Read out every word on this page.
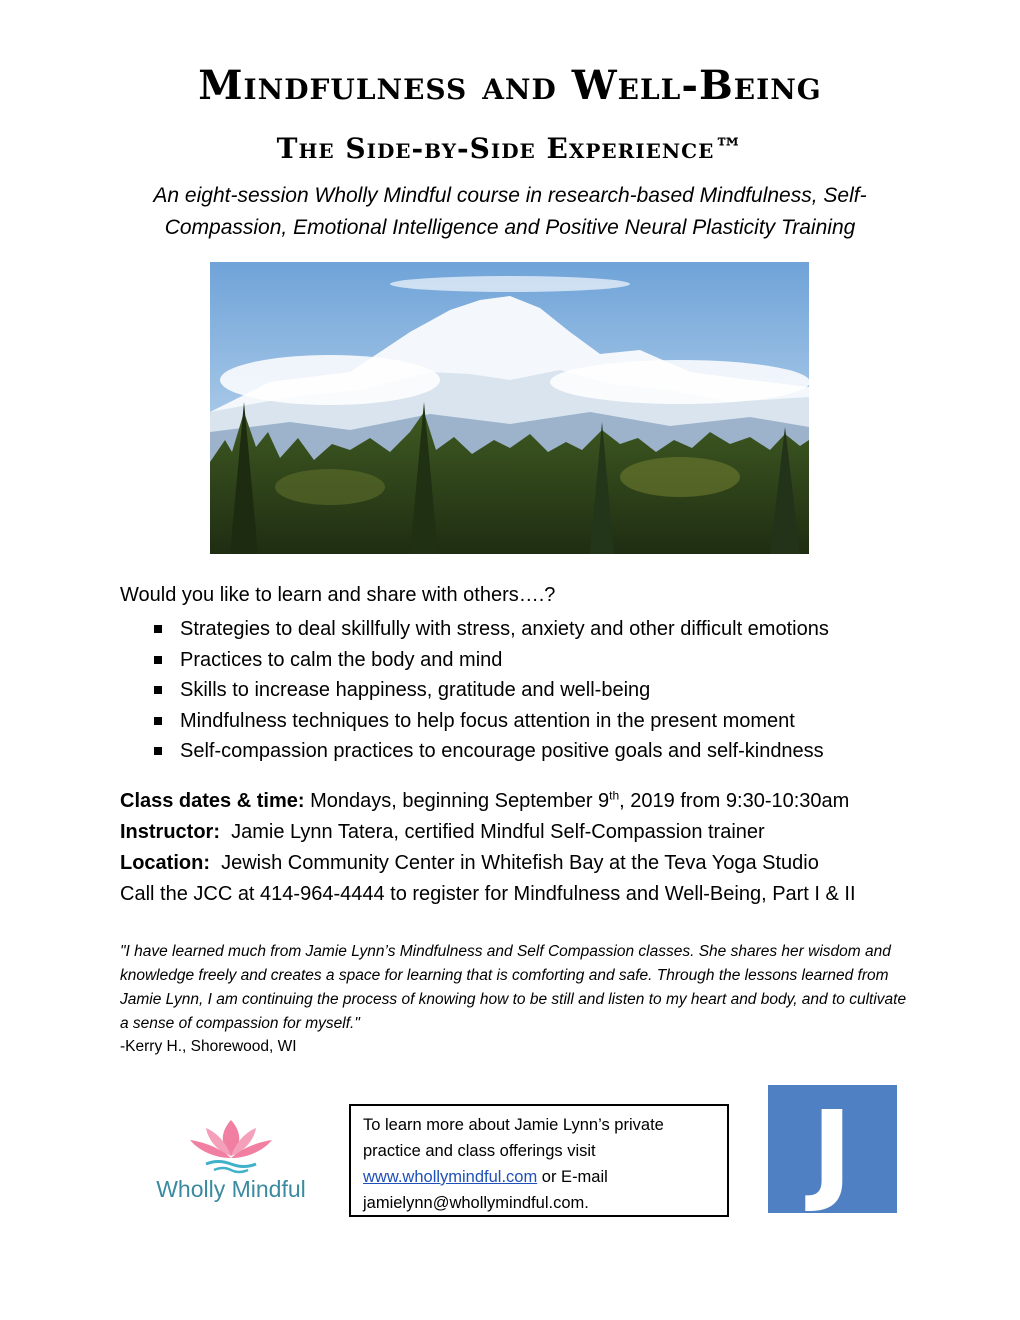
Mindfulness and Well-Being
The Side-by-Side Experience™

An eight-session Wholly Mindful course in research-based Mindfulness, Self-
Compassion, Emotional Intelligence and Positive Neural Plasticity Training

Would you like to learn and share with others….?

Strategies to deal skillfully with stress, anxiety and other difficult emotions
Practices to calm the body and mind
Skills to increase happiness, gratitude and well-being
Mindfulness techniques to help focus attention in the present moment
Self-compassion practices to encourage positive goals and self-kindness
Class dates & time: Mondays, beginning September 9th, 2019 from 9:30-10:30am
Instructor:  Jamie Lynn Tatera, certified Mindful Self-Compassion trainer
Location:  Jewish Community Center in Whitefish Bay at the Teva Yoga Studio
Call the JCC at 414-964-4444 to register for Mindfulness and Well-Being, Part I & II

"I have learned much from Jamie Lynn’s Mindfulness and Self Compassion classes. She shares her wisdom and knowledge freely and creates a space for learning that is comforting and safe. Through the lessons learned from Jamie Lynn, I am continuing the process of knowing how to be still and listen to my heart and body, and to cultivate a sense of compassion for myself."

-Kerry H., Shorewood, WI

Wholly Mindful
To learn more about Jamie Lynn’s private
practice and class offerings visit
www.whollymindful.com or E-mail
jamielynn@whollymindful.com.	J
